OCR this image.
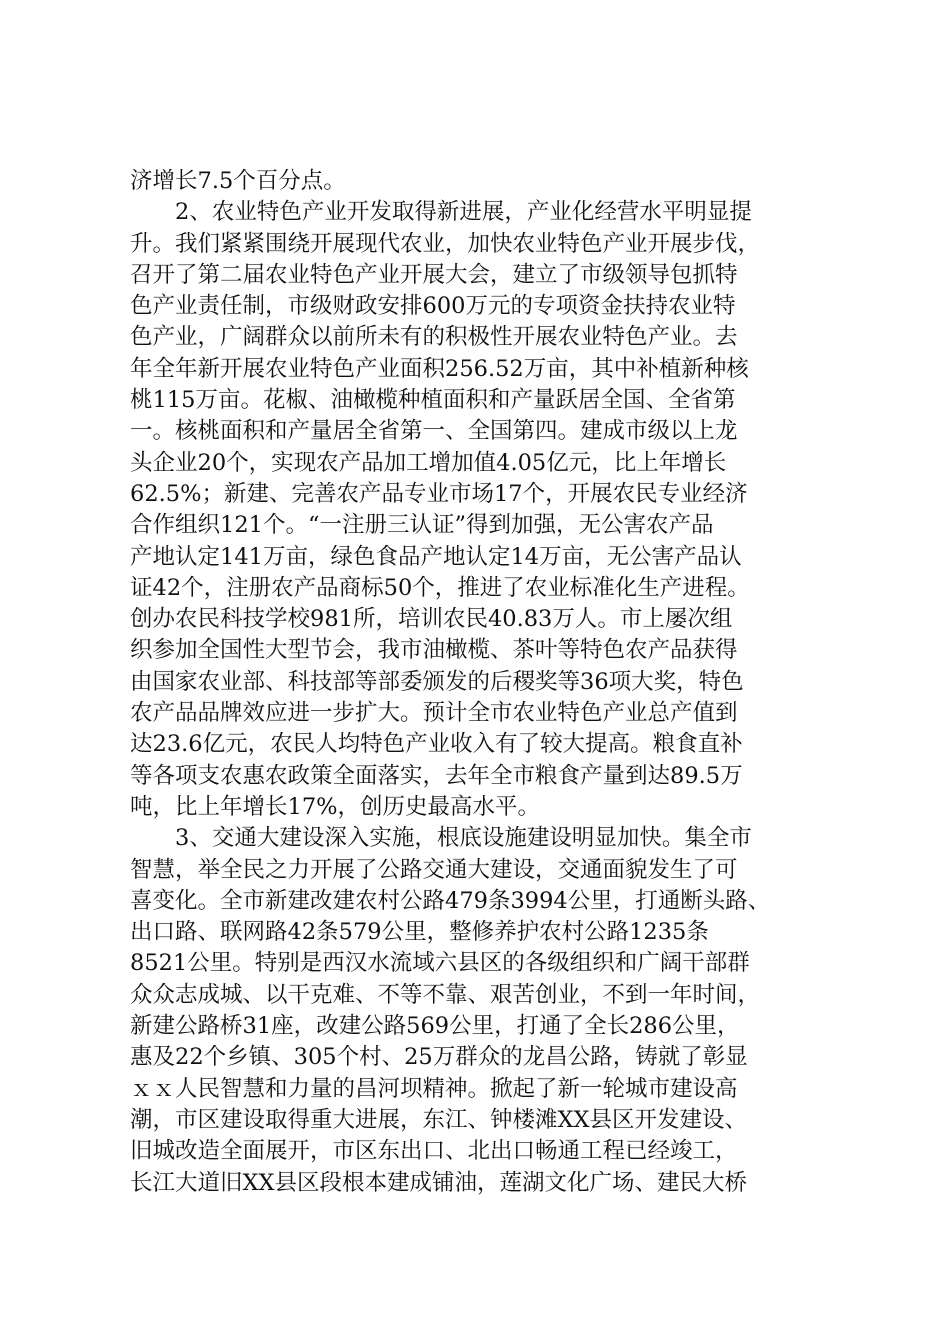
济增长7.5个百分点。
2、农业特色产业开发取得新进展，产业化经营水平明显提
升。我们紧紧围绕开展现代农业，加快农业特色产业开展步伐，
召开了第二届农业特色产业开展大会，建立了市级领导包抓特
色产业责任制，市级财政安排600万元的专项资金扶持农业特
色产业，广阔群众以前所未有的积极性开展农业特色产业。去
年全年新开展农业特色产业面积256.52万亩，其中补植新种核
桃115万亩。花椒、油橄榄种植面积和产量跃居全国、全省第
一。核桃面积和产量居全省第一、全国第四。建成市级以上龙
头企业20个，实现农产品加工增加值4.05亿元，比上年增长
62.5%；新建、完善农产品专业市场17个，开展农民专业经济
合作组织121个。“一注册三认证”得到加强，无公害农产品
产地认定141万亩，绿色食品产地认定14万亩，无公害产品认
证42个，注册农产品商标50个，推进了农业标准化生产进程。
创办农民科技学校981所，培训农民40.83万人。市上屡次组
织参加全国性大型节会，我市油橄榄、茶叶等特色农产品获得
由国家农业部、科技部等部委颁发的后稷奖等36项大奖，特色
农产品品牌效应进一步扩大。预计全市农业特色产业总产值到
达23.6亿元，农民人均特色产业收入有了较大提高。粮食直补
等各项支农惠农政策全面落实，去年全市粮食产量到达89.5万
吨，比上年增长17%，创历史最高水平。
3、交通大建设深入实施，根底设施建设明显加快。集全市
智慧，举全民之力开展了公路交通大建设，交通面貌发生了可
喜变化。全市新建改建农村公路479条3994公里，打通断头路、
出口路、联网路42条579公里，整修养护农村公路1235条
8521公里。特别是西汉水流域六县区的各级组织和广阔干部群
众众志成城、以干克难、不等不靠、艰苦创业，不到一年时间，
新建公路桥31座，改建公路569公里，打通了全长286公里，
惠及22个乡镇、305个村、25万群众的龙昌公路，铸就了彰显
ｘｘ人民智慧和力量的昌河坝精神。掀起了新一轮城市建设高
潮，市区建设取得重大进展，东江、钟楼滩XX县区开发建设、
旧城改造全面展开，市区东出口、北出口畅通工程已经竣工，
长江大道旧XX县区段根本建成铺油，莲湖文化广场、建民大桥
